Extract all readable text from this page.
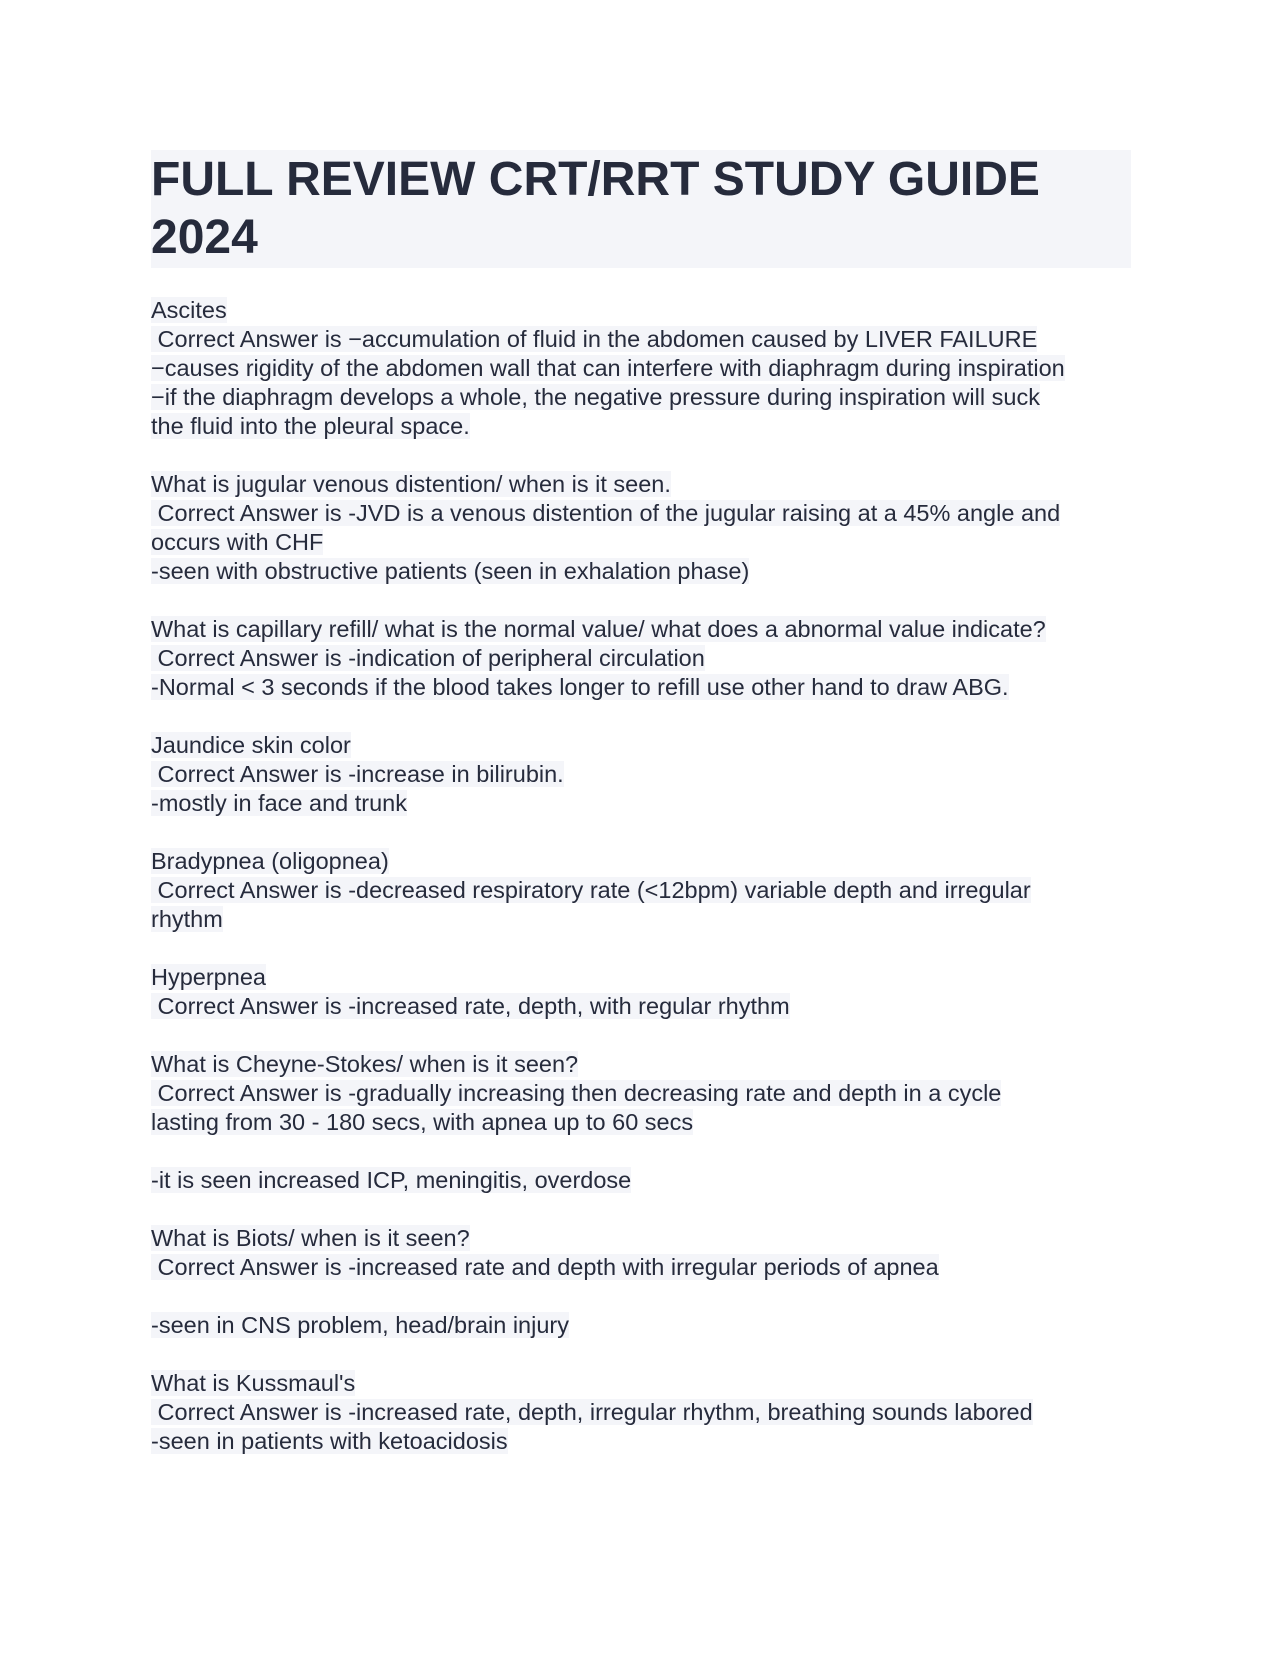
FULL REVIEW CRT/RRT STUDY GUIDE 2024
Ascites
Correct Answer is −accumulation of fluid in the abdomen caused by LIVER FAILURE
−causes rigidity of the abdomen wall that can interfere with diaphragm during inspiration
−if the diaphragm develops a whole, the negative pressure during inspiration will suck
the fluid into the pleural space.
What is jugular venous distention/ when is it seen.
Correct Answer is -JVD is a venous distention of the jugular raising at a 45% angle and
occurs with CHF
-seen with obstructive patients (seen in exhalation phase)
What is capillary refill/ what is the normal value/ what does a abnormal value indicate?
Correct Answer is -indication of peripheral circulation
-Normal < 3 seconds if the blood takes longer to refill use other hand to draw ABG.
Jaundice skin color
Correct Answer is -increase in bilirubin.
-mostly in face and trunk
Bradypnea (oligopnea)
Correct Answer is -decreased respiratory rate (<12bpm) variable depth and irregular
rhythm
Hyperpnea
Correct Answer is -increased rate, depth, with regular rhythm
What is Cheyne-Stokes/ when is it seen?
Correct Answer is -gradually increasing then decreasing rate and depth in a cycle
lasting from 30 - 180 secs, with apnea up to 60 secs
-it is seen increased ICP, meningitis, overdose
What is Biots/ when is it seen?
Correct Answer is -increased rate and depth with irregular periods of apnea
-seen in CNS problem, head/brain injury
What is Kussmaul's
Correct Answer is -increased rate, depth, irregular rhythm, breathing sounds labored
-seen in patients with ketoacidosis
